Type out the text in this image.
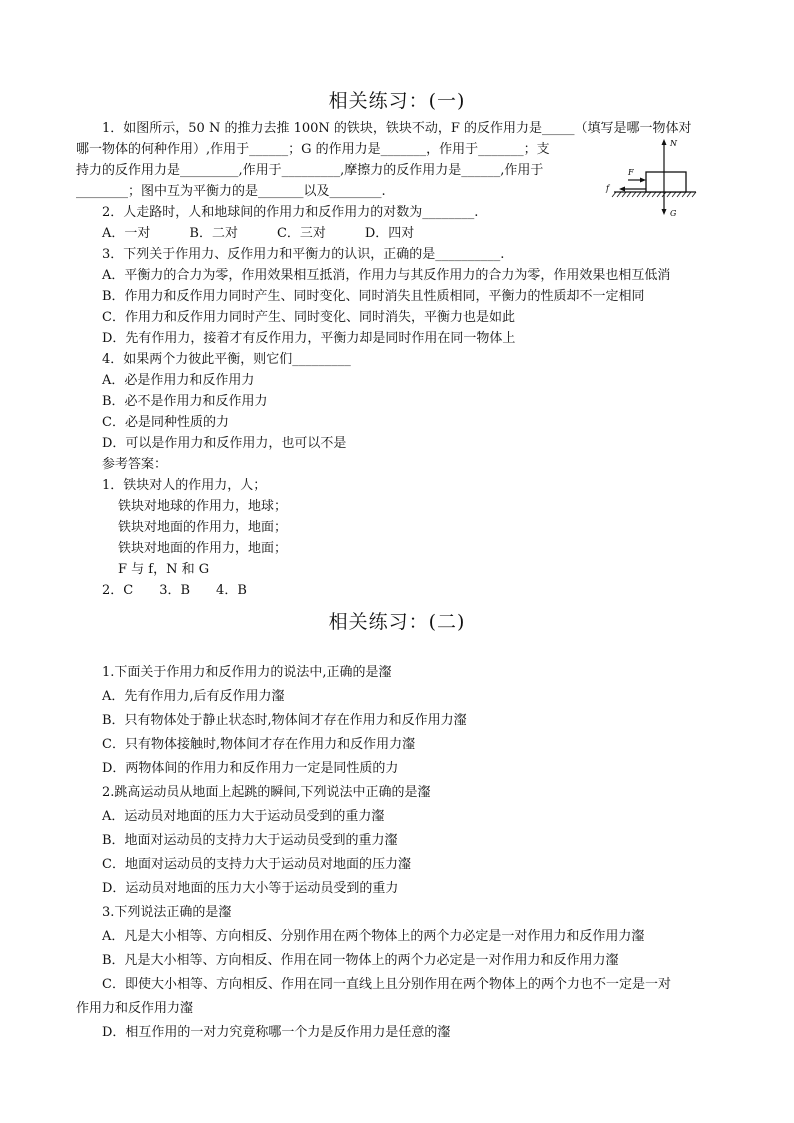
相关练习：(一)
1．如图所示，50 N 的推力去推 100N 的铁块，铁块不动，F 的反作用力是_____（填写是哪一物体对
哪一物体的何种作用）,作用于______；G 的作用力是_______，作用于_______；支
持力的反作用力是_________,作用于_________,摩擦力的反作用力是______,作用于
________；图中互为平衡力的是_______以及________.
N
F
f
G
2．人走路时，人和地球间的作用力和反作用力的对数为________.
A．一对　　　B．二对　　　C．三对　　　D．四对
3．下列关于作用力、反作用力和平衡力的认识，正确的是__________.
A．平衡力的合力为零，作用效果相互抵消，作用力与其反作用力的合力为零，作用效果也相互低消
B．作用力和反作用力同时产生、同时变化、同时消失且性质相同，平衡力的性质却不一定相同
C．作用力和反作用力同时产生、同时变化、同时消失，平衡力也是如此
D．先有作用力，接着才有反作用力，平衡力却是同时作用在同一物体上
4．如果两个力彼此平衡，则它们_________
A．必是作用力和反作用力
B．必不是作用力和反作用力
C．必是同种性质的力
D．可以是作用力和反作用力，也可以不是
参考答案：
1．铁块对人的作用力，人；
铁块对地球的作用力，地球；
铁块对地面的作用力，地面；
铁块对地面的作用力，地面；
F 与 f，N 和 G
2．C　　3．B　　4．B
相关练习：(二)
1.下面关于作用力和反作用力的说法中,正确的是瀣
A．先有作用力,后有反作用力瀣
B．只有物体处于静止状态时,物体间才存在作用力和反作用力瀣
C．只有物体接触时,物体间才存在作用力和反作用力瀣
D．两物体间的作用力和反作用力一定是同性质的力
2.跳高运动员从地面上起跳的瞬间,下列说法中正确的是瀣
A．运动员对地面的压力大于运动员受到的重力瀣
B．地面对运动员的支持力大于运动员受到的重力瀣
C．地面对运动员的支持力大于运动员对地面的压力瀣
D．运动员对地面的压力大小等于运动员受到的重力
3.下列说法正确的是瀣
A．凡是大小相等、方向相反、分别作用在两个物体上的两个力必定是一对作用力和反作用力瀣
B．凡是大小相等、方向相反、作用在同一物体上的两个力必定是一对作用力和反作用力瀣
C．即使大小相等、方向相反、作用在同一直线上且分别作用在两个物体上的两个力也不一定是一对
作用力和反作用力瀣
D．相互作用的一对力究竟称哪一个力是反作用力是任意的瀣
